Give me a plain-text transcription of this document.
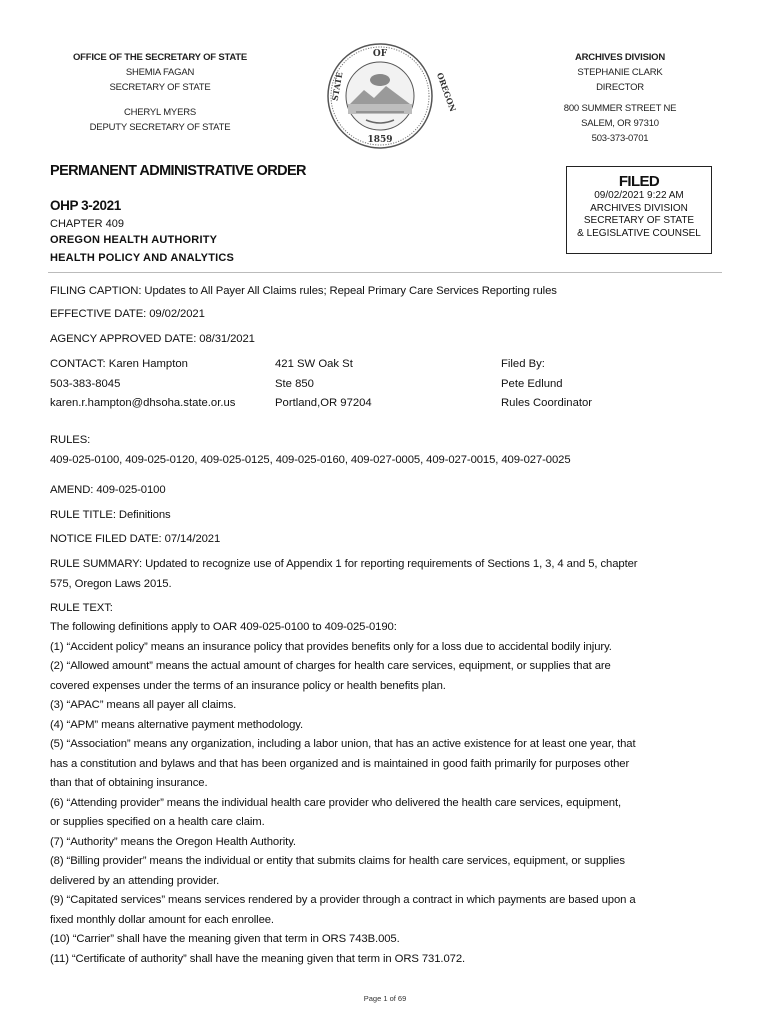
OFFICE OF THE SECRETARY OF STATE
SHEMIA FAGAN
SECRETARY OF STATE
CHERYL MYERS
DEPUTY SECRETARY OF STATE
OF
STATE	OREGON
1859
ARCHIVES DIVISION
STEPHANIE CLARK
DIRECTOR
800 SUMMER STREET NE
SALEM, OR 97310
503-373-0701
PERMANENT ADMINISTRATIVE ORDER
OHP 3-2021
CHAPTER 409
OREGON HEALTH AUTHORITY
HEALTH POLICY AND ANALYTICS
FILED
09/02/2021 9:22 AM
ARCHIVES DIVISION
SECRETARY OF STATE
& LEGISLATIVE COUNSEL
FILING CAPTION: Updates to All Payer All Claims rules; Repeal Primary Care Services Reporting rules
EFFECTIVE DATE: 09/02/2021
AGENCY APPROVED DATE: 08/31/2021
CONTACT: Karen Hampton
503-383-8045
karen.r.hampton@dhsoha.state.or.us
421 SW Oak St
Ste 850
Portland,OR 97204
Filed By:
Pete Edlund
Rules Coordinator
RULES:
409-025-0100, 409-025-0120, 409-025-0125, 409-025-0160, 409-027-0005, 409-027-0015, 409-027-0025
AMEND: 409-025-0100
RULE TITLE: Definitions
NOTICE FILED DATE: 07/14/2021
RULE SUMMARY: Updated to recognize use of Appendix 1 for reporting requirements of Sections 1, 3, 4 and 5, chapter
575, Oregon Laws 2015.
RULE TEXT:
The following definitions apply to OAR 409-025-0100 to 409-025-0190:
(1) “Accident policy” means an insurance policy that provides benefits only for a loss due to accidental bodily injury.
(2) “Allowed amount” means the actual amount of charges for health care services, equipment, or supplies that are
covered expenses under the terms of an insurance policy or health benefits plan.
(3) “APAC” means all payer all claims.
(4) “APM” means alternative payment methodology.
(5) “Association” means any organization, including a labor union, that has an active existence for at least one year, that
has a constitution and bylaws and that has been organized and is maintained in good faith primarily for purposes other
than that of obtaining insurance.
(6) “Attending provider” means the individual health care provider who delivered the health care services, equipment,
or supplies specified on a health care claim.
(7) “Authority” means the Oregon Health Authority.
(8) “Billing provider” means the individual or entity that submits claims for health care services, equipment, or supplies
delivered by an attending provider.
(9) “Capitated services” means services rendered by a provider through a contract in which payments are based upon a
fixed monthly dollar amount for each enrollee.
(10) “Carrier” shall have the meaning given that term in ORS 743B.005.
(11) “Certificate of authority” shall have the meaning given that term in ORS 731.072.
Page 1 of 69
